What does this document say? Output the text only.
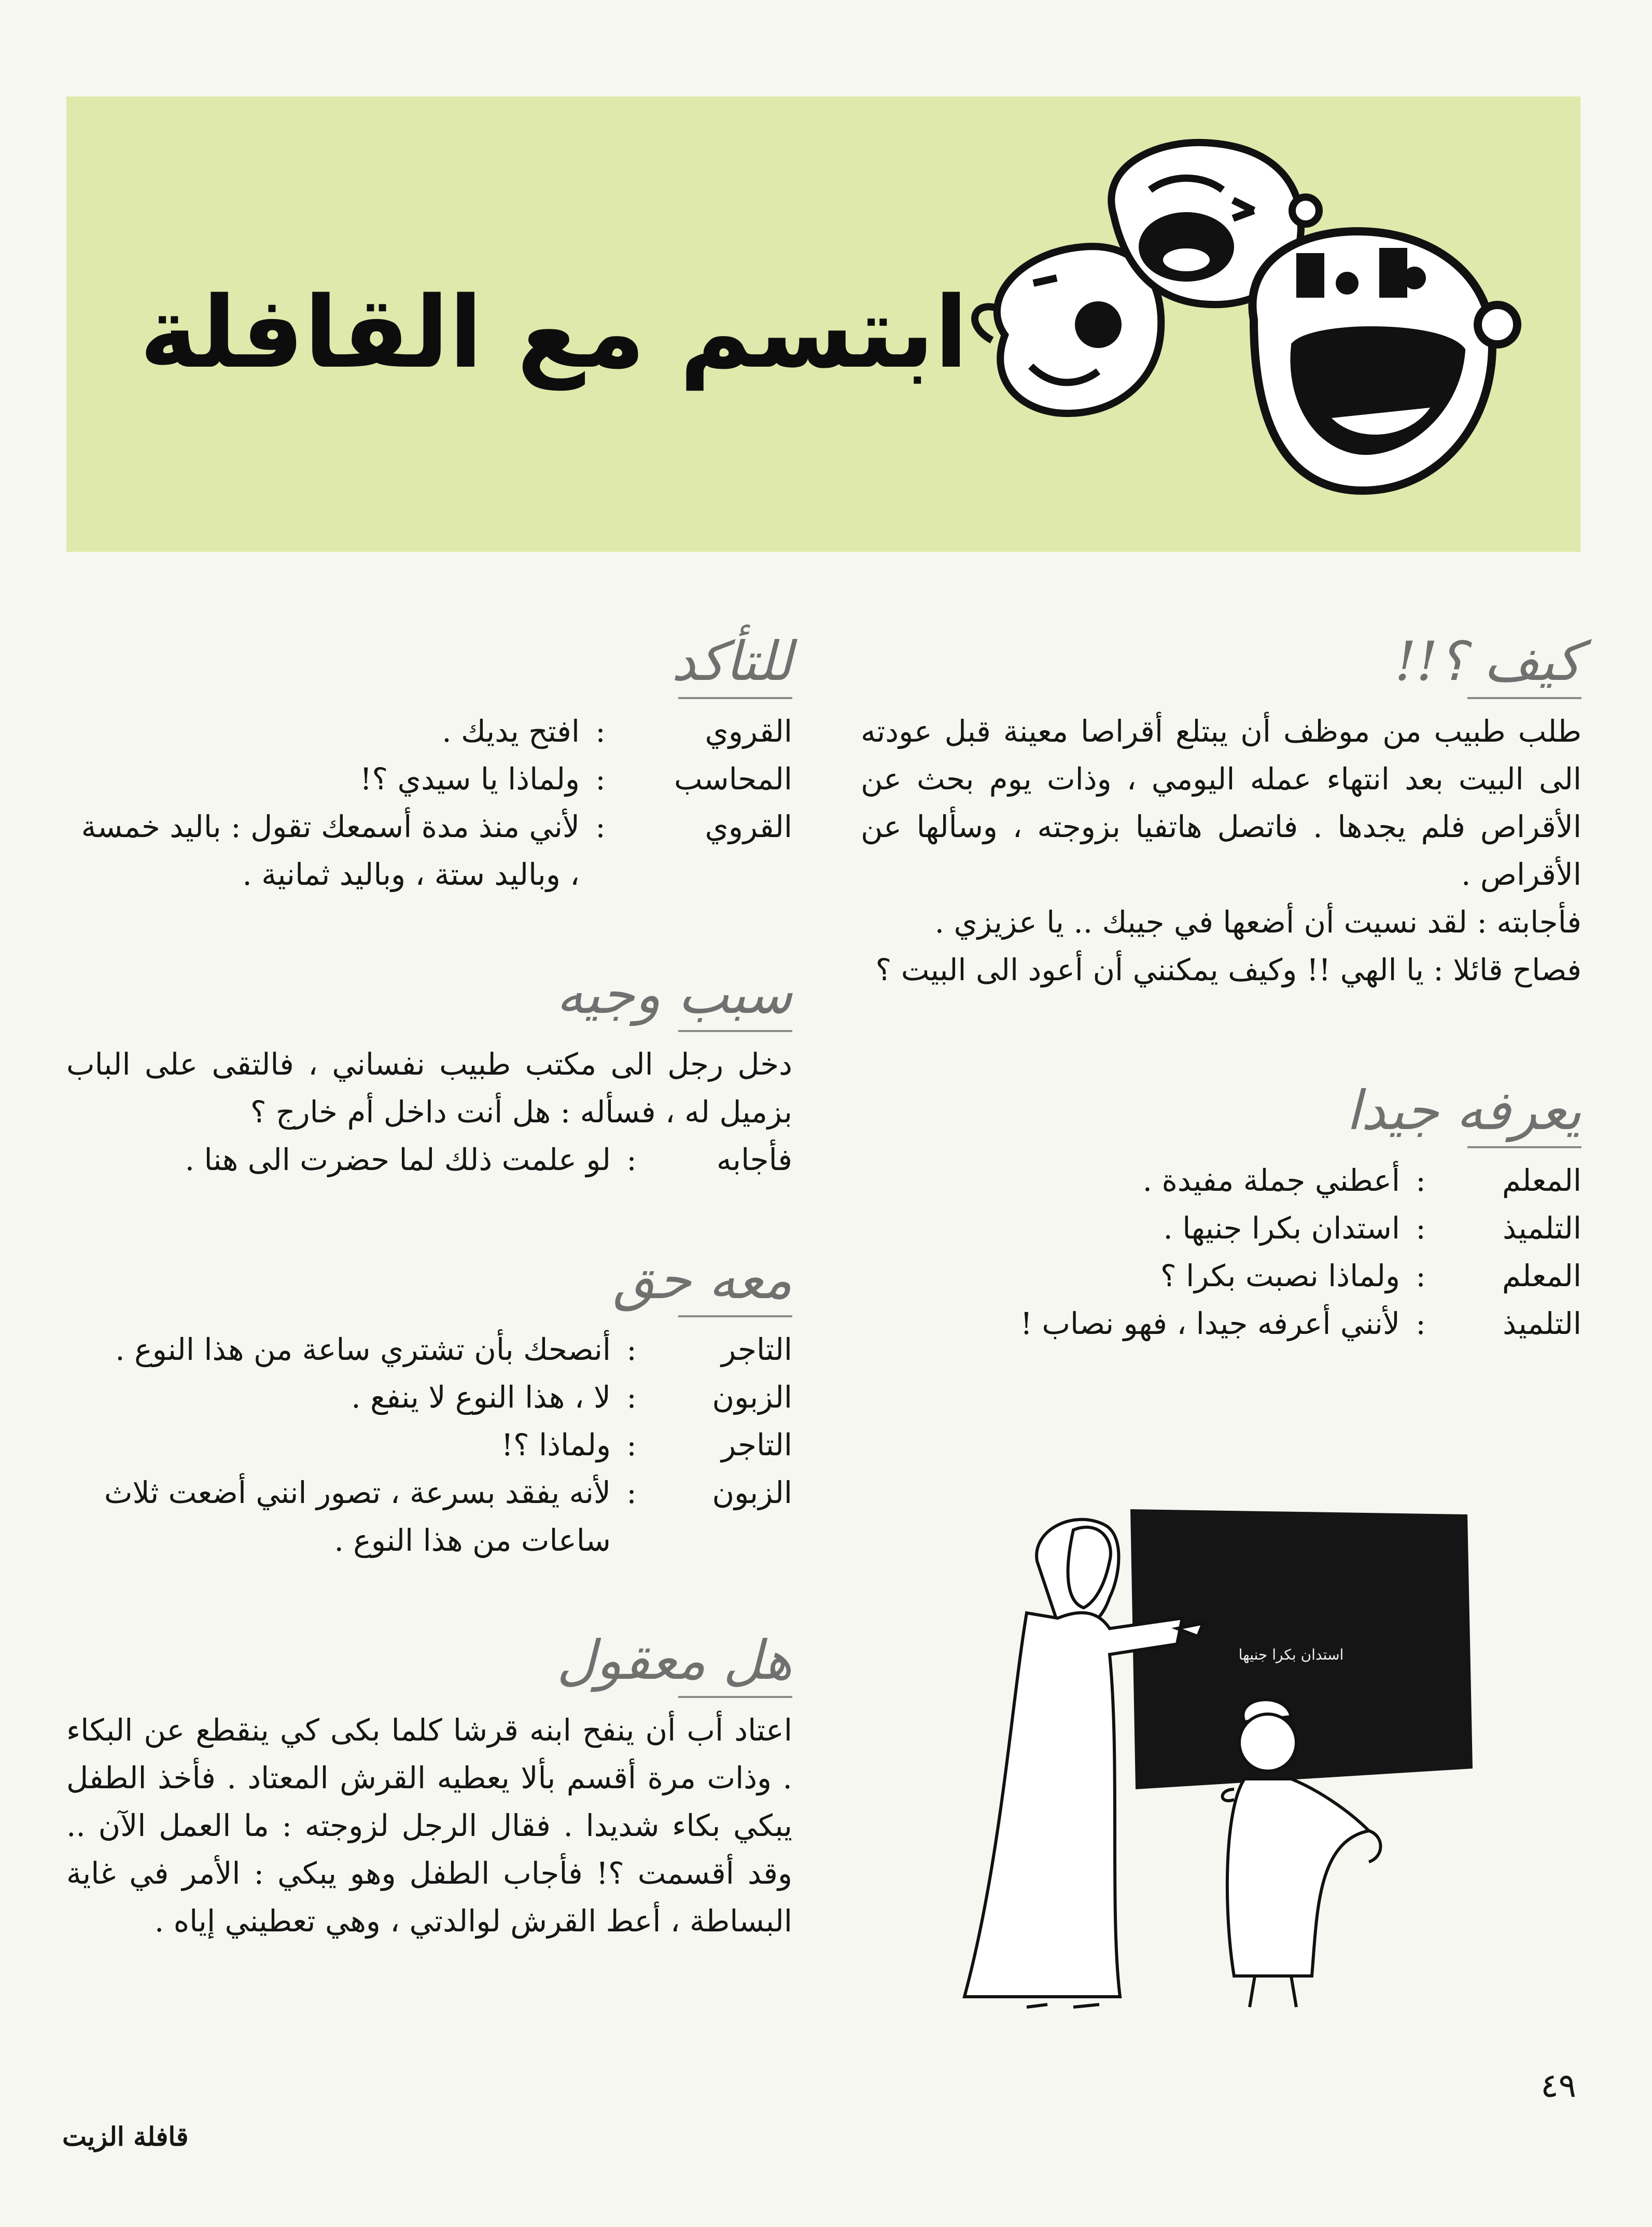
ابتسم مع القافلة
كيف ؟!!

طلب طبيب من موظف أن يبتلع أقراصا معينة قبل عودته الى البيت بعد انتهاء عمله اليومي ، وذات يوم بحث عن الأقراص فلم يجدها . فاتصل هاتفيا بزوجته ، وسألها عن الأقراص .

فأجابته : لقد نسيت أن أضعها في جيبك .. يا عزيزي .

فصاح قائلا : يا الهي !! وكيف يمكنني أن أعود الى البيت ؟

يعرفه جيدا
المعلم
:
أعطني جملة مفيدة .
التلميذ
:
استدان بكرا جنيها .
المعلم
:
ولماذا نصبت بكرا ؟
التلميذ
:
لأنني أعرفه جيدا ، فهو نصاب !
للتأكد
القروي
:
افتح يديك .
المحاسب
:
ولماذا يا سيدي ؟!
القروي
:
لأني منذ مدة أسمعك تقول : باليد خمسة ، وباليد ستة ، وباليد ثمانية .
سبب وجيه

دخل رجل الى مكتب طبيب نفساني ، فالتقى على الباب بزميل له ، فسأله : هل أنت داخل أم خارج ؟

فأجابه
:
لو علمت ذلك لما حضرت الى هنا .
معه حق
التاجر
:
أنصحك بأن تشتري ساعة من هذا النوع .
الزبون
:
لا ، هذا النوع لا ينفع .
التاجر
:
ولماذا ؟!
الزبون
:
لأنه يفقد بسرعة ، تصور انني أضعت ثلاث ساعات من هذا النوع .
هل معقول

اعتاد أب أن ينفح ابنه قرشا كلما بكى كي ينقطع عن البكاء . وذات مرة أقسم بألا يعطيه القرش المعتاد . فأخذ الطفل يبكي بكاء شديدا . فقال الرجل لزوجته : ما العمل الآن .. وقد أقسمت ؟! فأجاب الطفل وهو يبكي : الأمر في غاية البساطة ، أعط القرش لوالدتي ، وهي تعطيني إياه .

استدان بكرا جنيها
٤٩
قافلة الزيت
